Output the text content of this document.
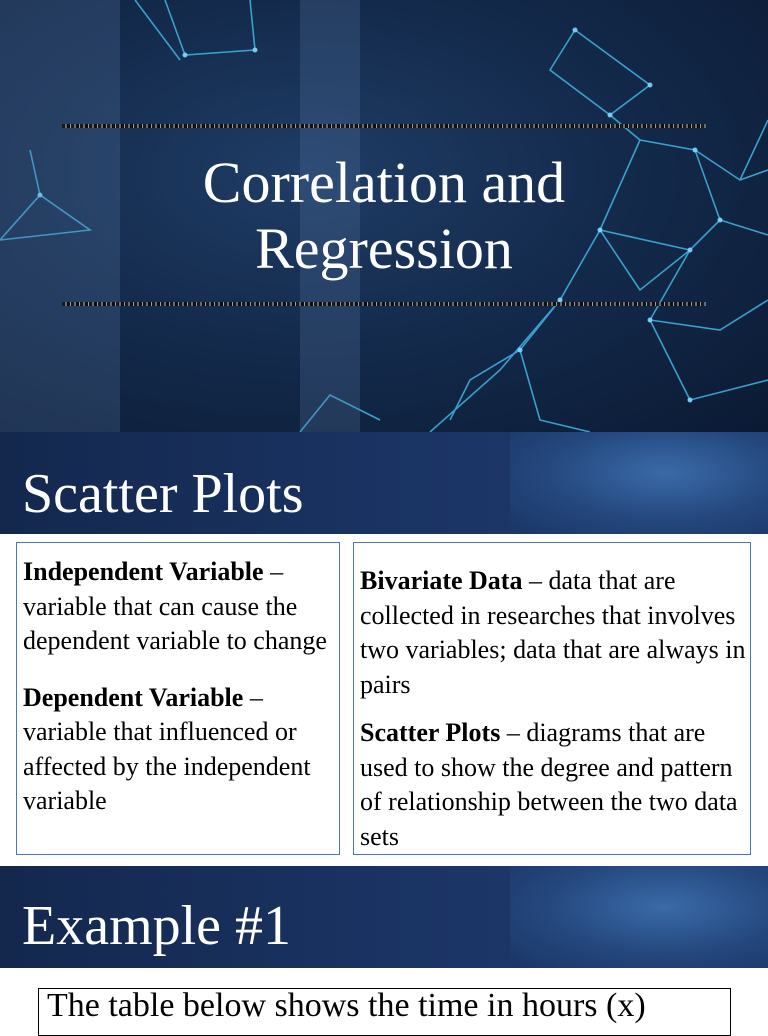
Correlation and
Regression
Scatter Plots

Independent Variable – variable that can cause the dependent variable to change

Dependent Variable – variable that influenced or affected by the independent variable

Bivariate Data – data that are collected in researches that involves two variables; data that are always in pairs

Scatter Plots – diagrams that are used to show the degree and pattern of relationship between the two data sets

Example #1
The table below shows the time in hours (x)
